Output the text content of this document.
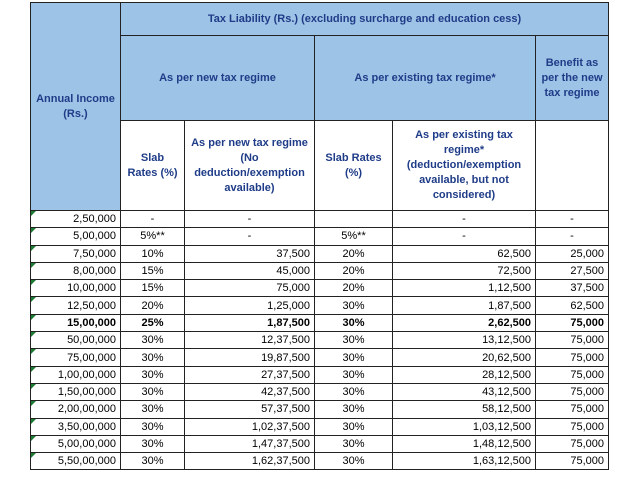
Annual Income (Rs.)	Tax Liability (Rs.) (excluding surcharge and education cess)				
	As per new tax regime		As per existing tax regime*		Benefit as per the new tax regime
	Slab Rates (%)	As per new tax regime (No deduction/exemption available)	Slab Rates (%)	As per existing tax regime* (deduction/exemption available, but not considered)	
2,50,000	-	-		-	-
5,00,000	5%**	-	5%**	-	-
7,50,000	10%	37,500	20%	62,500	25,000
8,00,000	15%	45,000	20%	72,500	27,500
10,00,000	15%	75,000	20%	1,12,500	37,500
12,50,000	20%	1,25,000	30%	1,87,500	62,500
15,00,000	25%	1,87,500	30%	2,62,500	75,000
50,00,000	30%	12,37,500	30%	13,12,500	75,000
75,00,000	30%	19,87,500	30%	20,62,500	75,000
1,00,00,000	30%	27,37,500	30%	28,12,500	75,000
1,50,00,000	30%	42,37,500	30%	43,12,500	75,000
2,00,00,000	30%	57,37,500	30%	58,12,500	75,000
3,50,00,000	30%	1,02,37,500	30%	1,03,12,500	75,000
5,00,00,000	30%	1,47,37,500	30%	1,48,12,500	75,000
5,50,00,000	30%	1,62,37,500	30%	1,63,12,500	75,000
